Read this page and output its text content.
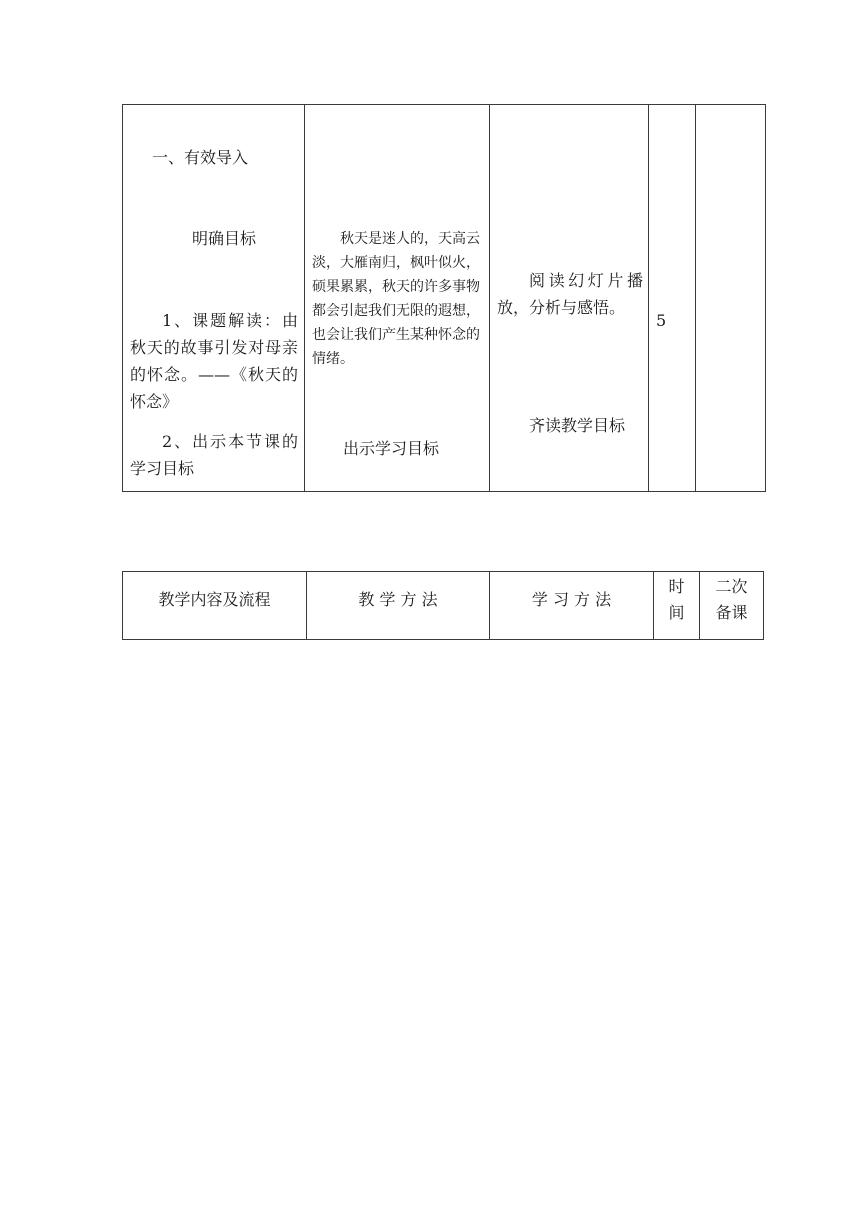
一、有效导入
明确目标
1、课题解读：由秋天的故事引发对母亲的怀念。——《秋天的怀念》
2、出示本节课的学习目标
秋天是迷人的，天高云淡，大雁南归，枫叶似火，硕果累累，秋天的许多事物都会引起我们无限的遐想，也会让我们产生某种怀念的情绪。
出示学习目标
阅读幻灯片播放，分析与感悟。
齐读教学目标
5
教学内容及流程	教 学 方 法	学 习 方 法
时
间
二次
备课
